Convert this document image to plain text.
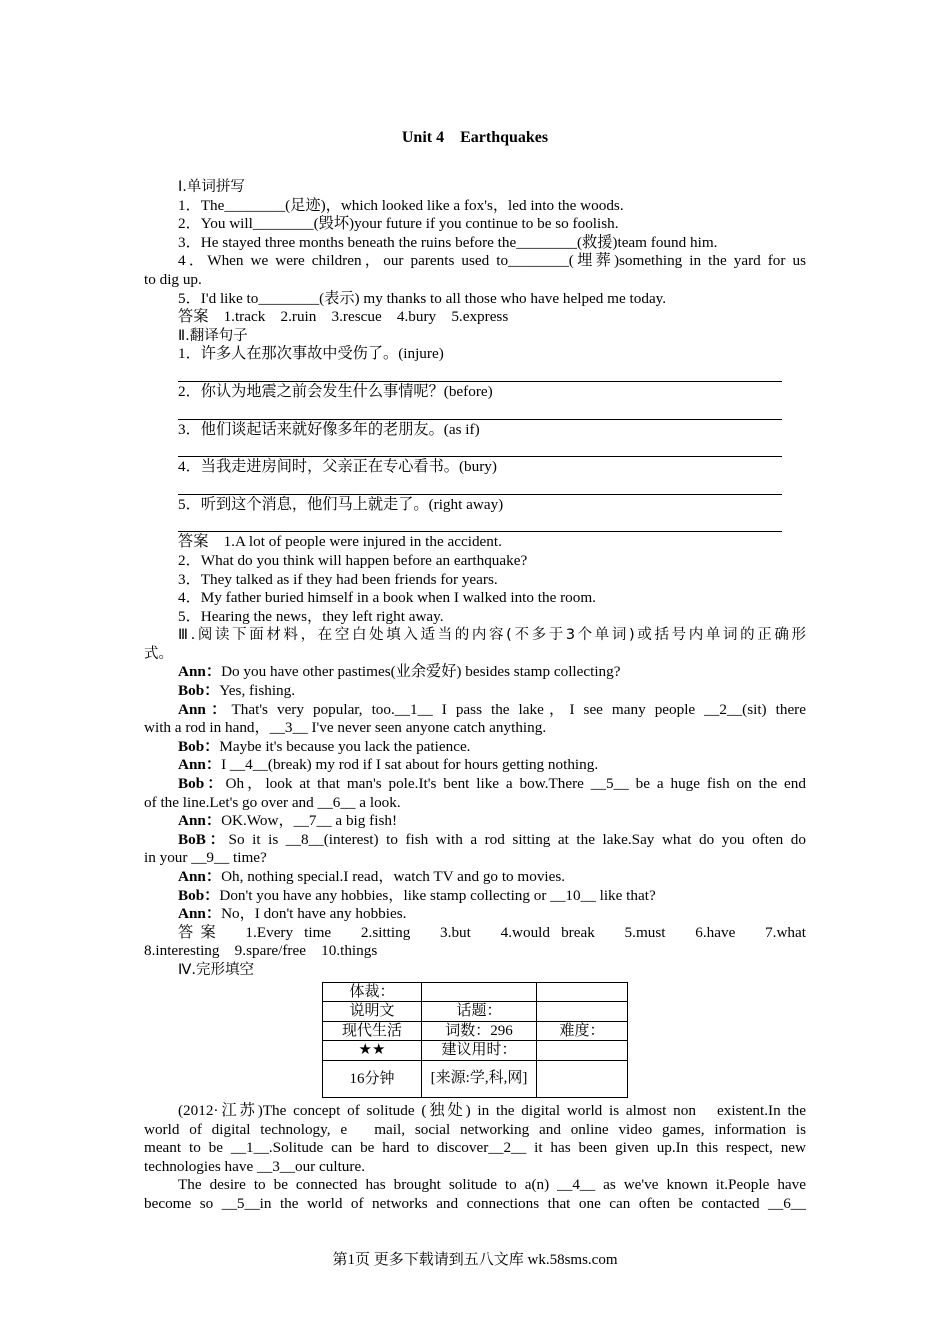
Unit 4　Earthquakes

Ⅰ.单词拼写

1．The________(足迹)，which looked like a fox's，led into the woods.

2．You will________(毁坏)your future if you continue to be so foolish.

3．He stayed three months beneath the ruins before the________(救援)team found him.

4．When we were children，our parents used to________(埋葬)something in the yard for us

to dig up.

5．I'd like to________(表示) my thanks to all those who have helped me today.

答案　1.track　2.ruin　3.rescue　4.bury　5.express

Ⅱ.翻译句子

1．许多人在那次事故中受伤了。(injure)

2．你认为地震之前会发生什么事情呢？(before)

3．他们谈起话来就好像多年的老朋友。(as if)

4．当我走进房间时，父亲正在专心看书。(bury)

5．听到这个消息，他们马上就走了。(right away)

答案　1.A lot of people were injured in the accident.

2．What do you think will happen before an earthquake?

3．They talked as if they had been friends for years.

4．My father buried himself in a book when I walked into the room.

5．Hearing the news，they left right away.

Ⅲ.阅读下面材料，在空白处填入适当的内容(不多于3个单词)或括号内单词的正确形

式。

Ann：Do you have other pastimes(业余爱好) besides stamp collecting?

Bob：Yes, fishing.

Ann：That's very popular, too.__1__ I pass the lake，I see many people __2__(sit) there

with a rod in hand，__3__ I've never seen anyone catch anything.

Bob：Maybe it's because you lack the patience.

Ann：I __4__(break) my rod if I sat about for hours getting nothing.

Bob：Oh，look at that man's pole.It's bent like a bow.There __5__ be a huge fish on the end

of the line.Let's go over and __6__ a look.

Ann：OK.Wow，__7__ a big fish!

BoB：So it is __8__(interest) to fish with a rod sitting at the lake.Say what do you often do

in your __9__ time?

Ann：Oh, nothing special.I read，watch TV and go to movies.

Bob：Don't you have any hobbies，like stamp collecting or __10__ like that?

Ann：No，I don't have any hobbies.

答案　1.Every time　2.sitting　3.but　4.would break　5.must　6.have　7.what

8.interesting　9.spare/free　10.things

Ⅳ.完形填空

体裁：		
说明文	话题：	
现代生活	词数：296	难度：
★★	建议用时：	
16分钟	[来源:学,科,网]	

(2012·江苏)The concept of solitude (独处) in the digital world is almost non　existent.In the

world of digital technology, e　mail, social networking and online video games, information is

meant to be __1__.Solitude can be hard to discover__2__ it has been given up.In this respect, new

technologies have __3__our culture.

The desire to be connected has brought solitude to a(n) __4__ as we've known it.People have

become so __5__in the world of networks and connections that one can often be contacted __6__

第1页 更多下载请到五八文库 wk.58sms.com
